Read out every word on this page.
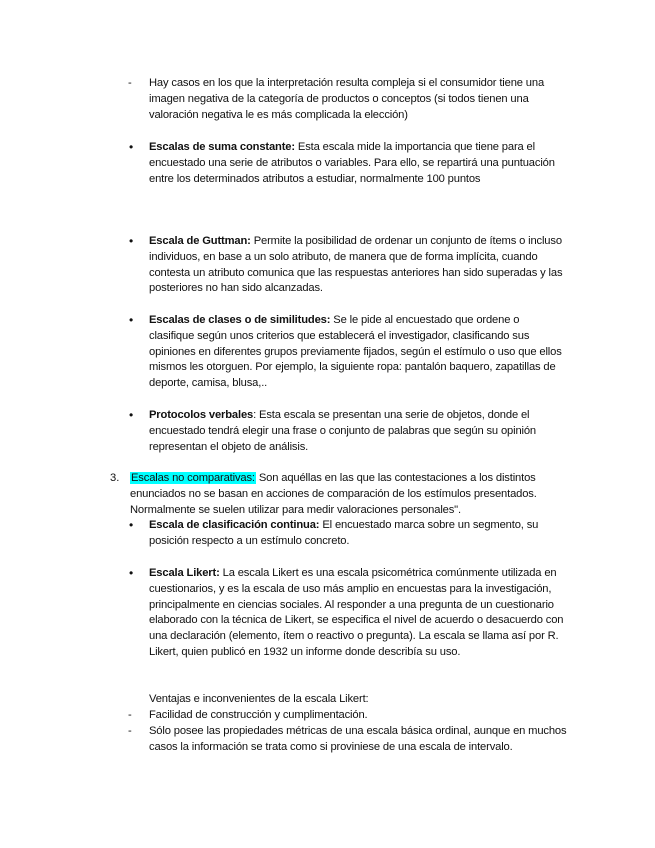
- Hay casos en los que la interpretación resulta compleja si el consumidor tiene una imagen negativa de la categoría de productos o conceptos (si todos tienen una valoración negativa le es más complicada la elección)

• Escalas de suma constante: Esta escala mide la importancia que tiene para el encuestado una serie de atributos o variables. Para ello, se repartirá una puntuación entre los determinados atributos a estudiar, normalmente 100 puntos

• Escala de Guttman: Permite la posibilidad de ordenar un conjunto de ítems o incluso individuos, en base a un solo atributo, de manera que de forma implícita, cuando contesta un atributo comunica que las respuestas anteriores han sido superadas y las posteriores no han sido alcanzadas.

• Escalas de clases o de similitudes: Se le pide al encuestado que ordene o clasifique según unos criterios que establecerá el investigador, clasificando sus opiniones en diferentes grupos previamente fijados, según el estímulo o uso que ellos mismos les otorguen. Por ejemplo, la siguiente ropa: pantalón baquero, zapatillas de deporte, camisa, blusa,..

• Protocolos verbales: Esta escala se presentan una serie de objetos, donde el encuestado tendrá elegir una frase o conjunto de palabras que según su opinión representan el objeto de análisis.

3. Escalas no comparativas: Son aquéllas en las que las contestaciones a los distintos enunciados no se basan en acciones de comparación de los estímulos presentados. Normalmente se suelen utilizar para medir valoraciones personales".

• Escala de clasificación continua: El encuestado marca sobre un segmento, su posición respecto a un estímulo concreto.

• Escala Likert: La escala Likert es una escala psicométrica comúnmente utilizada en cuestionarios, y es la escala de uso más amplio en encuestas para la investigación, principalmente en ciencias sociales. Al responder a una pregunta de un cuestionario elaborado con la técnica de Likert, se especifica el nivel de acuerdo o desacuerdo con una declaración (elemento, ítem o reactivo o pregunta). La escala se llama así por R. Likert, quien publicó en 1932 un informe donde describía su uso.

Ventajas e inconvenientes de la escala Likert:

- Facilidad de construcción y cumplimentación.

- Sólo posee las propiedades métricas de una escala básica ordinal, aunque en muchos casos la información se trata como si proviniese de una escala de intervalo.
